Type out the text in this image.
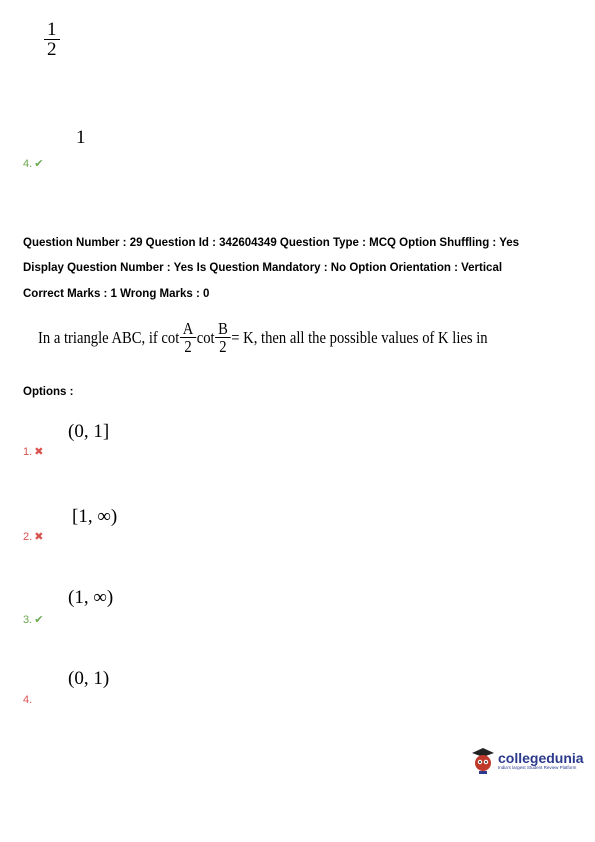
$\frac{1}{2}$
1
4. ✔
Question Number : 29 Question Id : 342604349 Question Type : MCQ Option Shuffling : Yes
Display Question Number : Yes Is Question Mandatory : No Option Orientation : Vertical
Correct Marks : 1 Wrong Marks : 0
In a triangle ABC, if $\cot \frac{A}{2}$ $\cot \frac{B}{2} = K$, then all the possible values of K lies in
Options :
(0, 1]
1. ✖
[1, ∞)
2. ✖
(1, ∞)
3. ✔
(0, 1)
4.
collegedunia
India's largest Student Review Platform
